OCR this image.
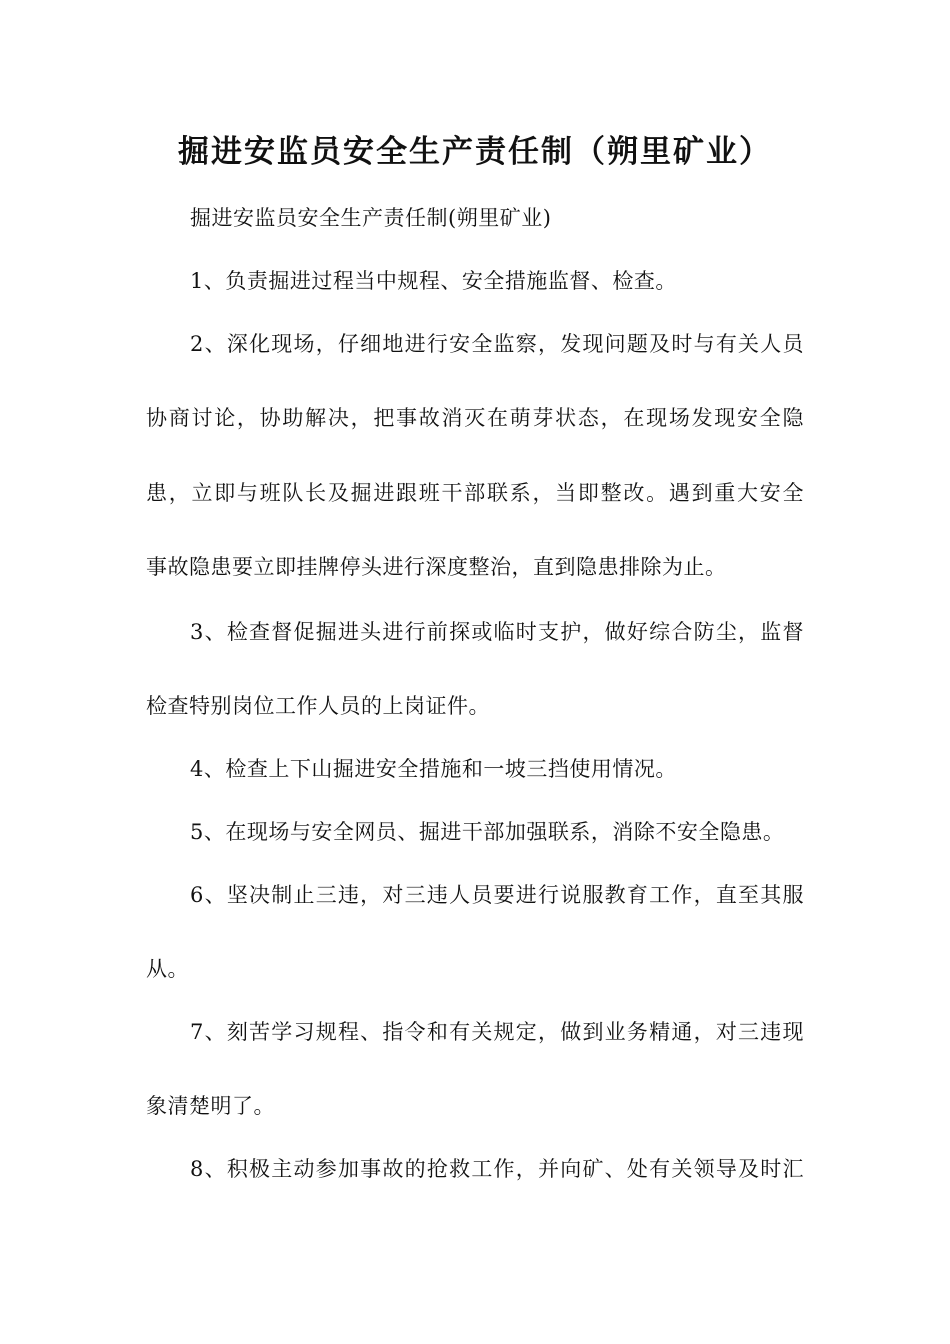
掘进安监员安全生产责任制（朔里矿业）
掘进安监员安全生产责任制(朔里矿业)
1、负责掘进过程当中规程、安全措施监督、检查。
2、深化现场，仔细地进行安全监察，发现问题及时与有关人员
协商讨论，协助解决，把事故消灭在萌芽状态，在现场发现安全隐
患，立即与班队长及掘进跟班干部联系，当即整改。遇到重大安全
事故隐患要立即挂牌停头进行深度整治，直到隐患排除为止。
3、检查督促掘进头进行前探或临时支护，做好综合防尘，监督
检查特别岗位工作人员的上岗证件。
4、检查上下山掘进安全措施和一坡三挡使用情况。
5、在现场与安全网员、掘进干部加强联系，消除不安全隐患。
6、坚决制止三违，对三违人员要进行说服教育工作，直至其服
从。
7、刻苦学习规程、指令和有关规定，做到业务精通，对三违现
象清楚明了。
8、积极主动参加事故的抢救工作，并向矿、处有关领导及时汇
